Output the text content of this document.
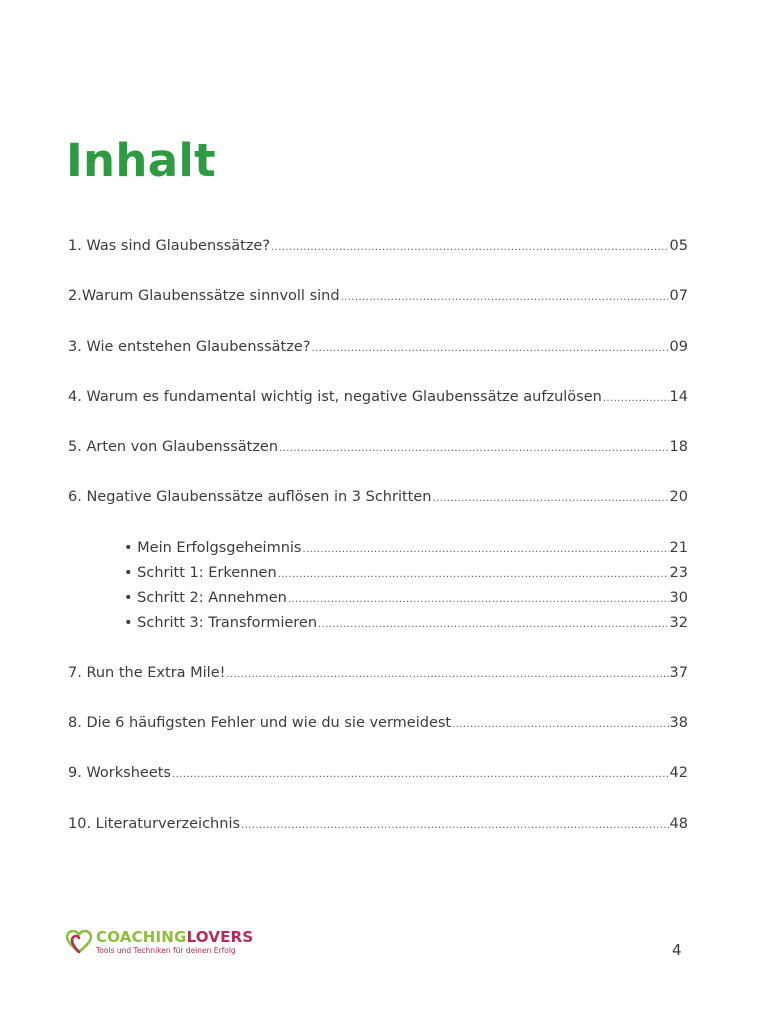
Inhalt
1. Was sind Glaubenssätze? .....	05
2.Warum Glaubenssätze sinnvoll sind .....	07
3. Wie entstehen Glaubenssätze? .....	09
4. Warum es fundamental wichtig ist, negative Glaubenssätze aufzulösen .....	14
5. Arten von Glaubenssätzen .....	18
6. Negative Glaubenssätze auflösen in 3 Schritten .....	20
• Mein Erfolgsgeheimnis .....	21
• Schritt 1: Erkennen .....	23
• Schritt 2: Annehmen .....	30
• Schritt 3: Transformieren .....	32
7. Run the Extra Mile! .....	37
8. Die 6 häufigsten Fehler und wie du sie vermeidest .....	38
9. Worksheets .....	42
10. Literaturverzeichnis .....	48
COACHINGLOVERS
Tools und Techniken für deinen Erfolg	4
